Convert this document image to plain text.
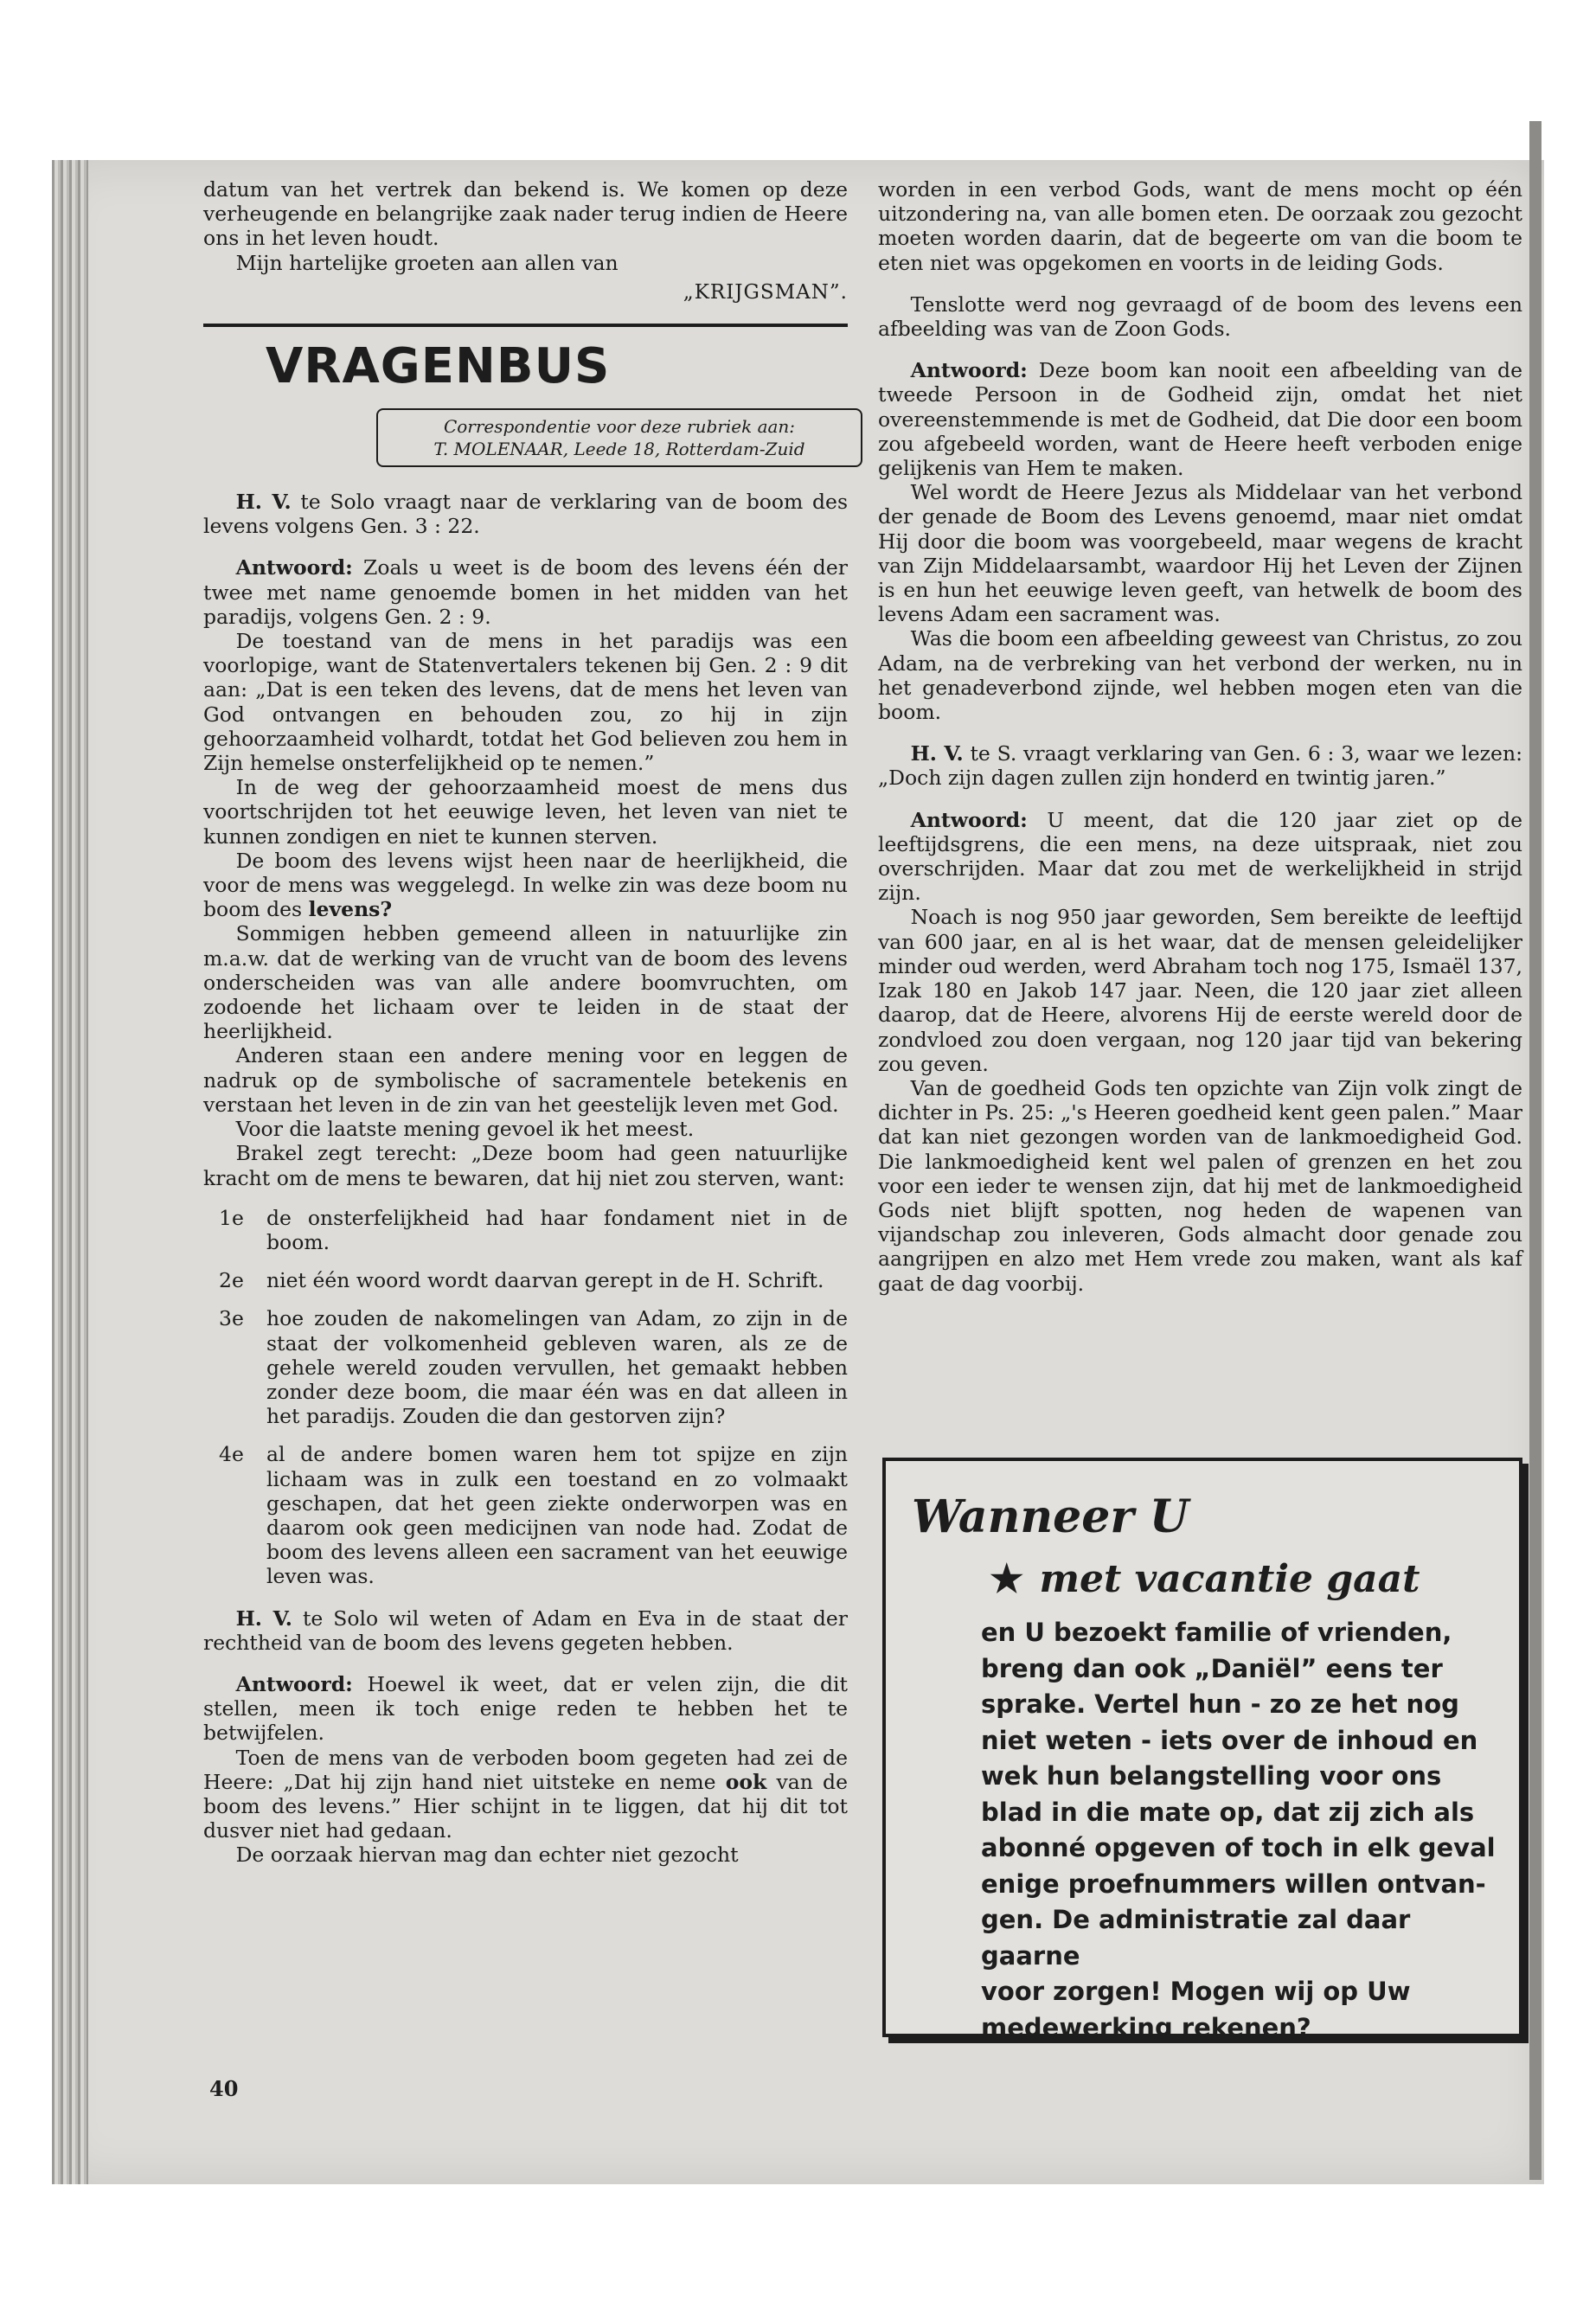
datum van het vertrek dan bekend is. We komen op deze verheugende en belangrijke zaak nader terug indien de Heere ons in het leven houdt.

Mijn hartelijke groeten aan allen van

„KRIJGSMAN”.
VRAGENBUS
Correspondentie voor deze rubriek aan:
T. MOLENAAR, Leede 18, Rotterdam-Zuid

H. V. te Solo vraagt naar de verklaring van de boom des levens volgens Gen. 3 : 22.

Antwoord: Zoals u weet is de boom des levens één der twee met name genoemde bomen in het midden van het paradijs, volgens Gen. 2 : 9.

De toestand van de mens in het paradijs was een voorlopige, want de Statenvertalers tekenen bij Gen. 2 : 9 dit aan: „Dat is een teken des levens, dat de mens het leven van God ontvangen en behouden zou, zo hij in zijn gehoorzaamheid volhardt, totdat het God believen zou hem in Zijn hemelse onsterfelijkheid op te nemen.”

In de weg der gehoorzaamheid moest de mens dus voortschrijden tot het eeuwige leven, het leven van niet te kunnen zondigen en niet te kunnen sterven.

De boom des levens wijst heen naar de heerlijkheid, die voor de mens was weggelegd. In welke zin was deze boom nu boom des levens?

Sommigen hebben gemeend alleen in natuurlijke zin m.a.w. dat de werking van de vrucht van de boom des levens onderscheiden was van alle andere boomvruchten, om zodoende het lichaam over te leiden in de staat der heerlijkheid.

Anderen staan een andere mening voor en leggen de nadruk op de symbolische of sacramentele betekenis en verstaan het leven in de zin van het geestelijk leven met God.

Voor die laatste mening gevoel ik het meest.

Brakel zegt terecht: „Deze boom had geen natuurlijke kracht om de mens te bewaren, dat hij niet zou sterven, want:

1e	de onsterfelijkheid had haar fondament niet in de boom.
2e	niet één woord wordt daarvan gerept in de H. Schrift.
3e	hoe zouden de nakomelingen van Adam, zo zijn in de staat der volkomenheid gebleven waren, als ze de gehele wereld zouden vervullen, het gemaakt hebben zonder deze boom, die maar één was en dat alleen in het paradijs. Zouden die dan gestorven zijn?
4e	al de andere bomen waren hem tot spijze en zijn lichaam was in zulk een toestand en zo volmaakt geschapen, dat het geen ziekte onderworpen was en daarom ook geen medicijnen van node had. Zodat de boom des levens alleen een sacrament van het eeuwige leven was.

H. V. te Solo wil weten of Adam en Eva in de staat der rechtheid van de boom des levens gegeten hebben.

Antwoord: Hoewel ik weet, dat er velen zijn, die dit stellen, meen ik toch enige reden te hebben het te betwijfelen.

Toen de mens van de verboden boom gegeten had zei de Heere: „Dat hij zijn hand niet uitsteke en neme ook van de boom des levens.” Hier schijnt in te liggen, dat hij dit tot dusver niet had gedaan.

De oorzaak hiervan mag dan echter niet gezocht

40

worden in een verbod Gods, want de mens mocht op één uitzondering na, van alle bomen eten. De oorzaak zou gezocht moeten worden daarin, dat de begeerte om van die boom te eten niet was opgekomen en voorts in de leiding Gods.

Tenslotte werd nog gevraagd of de boom des levens een afbeelding was van de Zoon Gods.

Antwoord: Deze boom kan nooit een afbeelding van de tweede Persoon in de Godheid zijn, omdat het niet overeenstemmende is met de Godheid, dat Die door een boom zou afgebeeld worden, want de Heere heeft verboden enige gelijkenis van Hem te maken.

Wel wordt de Heere Jezus als Middelaar van het verbond der genade de Boom des Levens genoemd, maar niet omdat Hij door die boom was voorgebeeld, maar wegens de kracht van Zijn Middelaarsambt, waardoor Hij het Leven der Zijnen is en hun het eeuwige leven geeft, van hetwelk de boom des levens Adam een sacrament was.

Was die boom een afbeelding geweest van Christus, zo zou Adam, na de verbreking van het verbond der werken, nu in het genadeverbond zijnde, wel hebben mogen eten van die boom.

H. V. te S. vraagt verklaring van Gen. 6 : 3, waar we lezen: „Doch zijn dagen zullen zijn honderd en twintig jaren.”

Antwoord: U meent, dat die 120 jaar ziet op de leeftijdsgrens, die een mens, na deze uitspraak, niet zou overschrijden. Maar dat zou met de werkelijkheid in strijd zijn.

Noach is nog 950 jaar geworden, Sem bereikte de leeftijd van 600 jaar, en al is het waar, dat de mensen geleidelijker minder oud werden, werd Abraham toch nog 175, Ismaël 137, Izak 180 en Jakob 147 jaar. Neen, die 120 jaar ziet alleen daarop, dat de Heere, alvorens Hij de eerste wereld door de zondvloed zou doen vergaan, nog 120 jaar tijd van bekering zou geven.

Van de goedheid Gods ten opzichte van Zijn volk zingt de dichter in Ps. 25: „'s Heeren goedheid kent geen palen.” Maar dat kan niet gezongen worden van de lankmoedigheid God. Die lankmoedigheid kent wel palen of grenzen en het zou voor een ieder te wensen zijn, dat hij met de lankmoedigheid Gods niet blijft spotten, nog heden de wapenen van vijandschap zou inleveren, Gods almacht door genade zou aangrijpen en alzo met Hem vrede zou maken, want als kaf gaat de dag voorbij.

Wanneer U
★ met vacantie gaat
en U bezoekt familie of vrienden,
breng dan ook „Daniël” eens ter
sprake. Vertel hun - zo ze het nog
niet weten - iets over de inhoud en
wek hun belangstelling voor ons
blad in die mate op, dat zij zich als
abonné opgeven of toch in elk geval
enige proefnummers willen ontvan-
gen. De administratie zal daar gaarne
voor zorgen! Mogen wij op Uw
medewerking rekenen?
